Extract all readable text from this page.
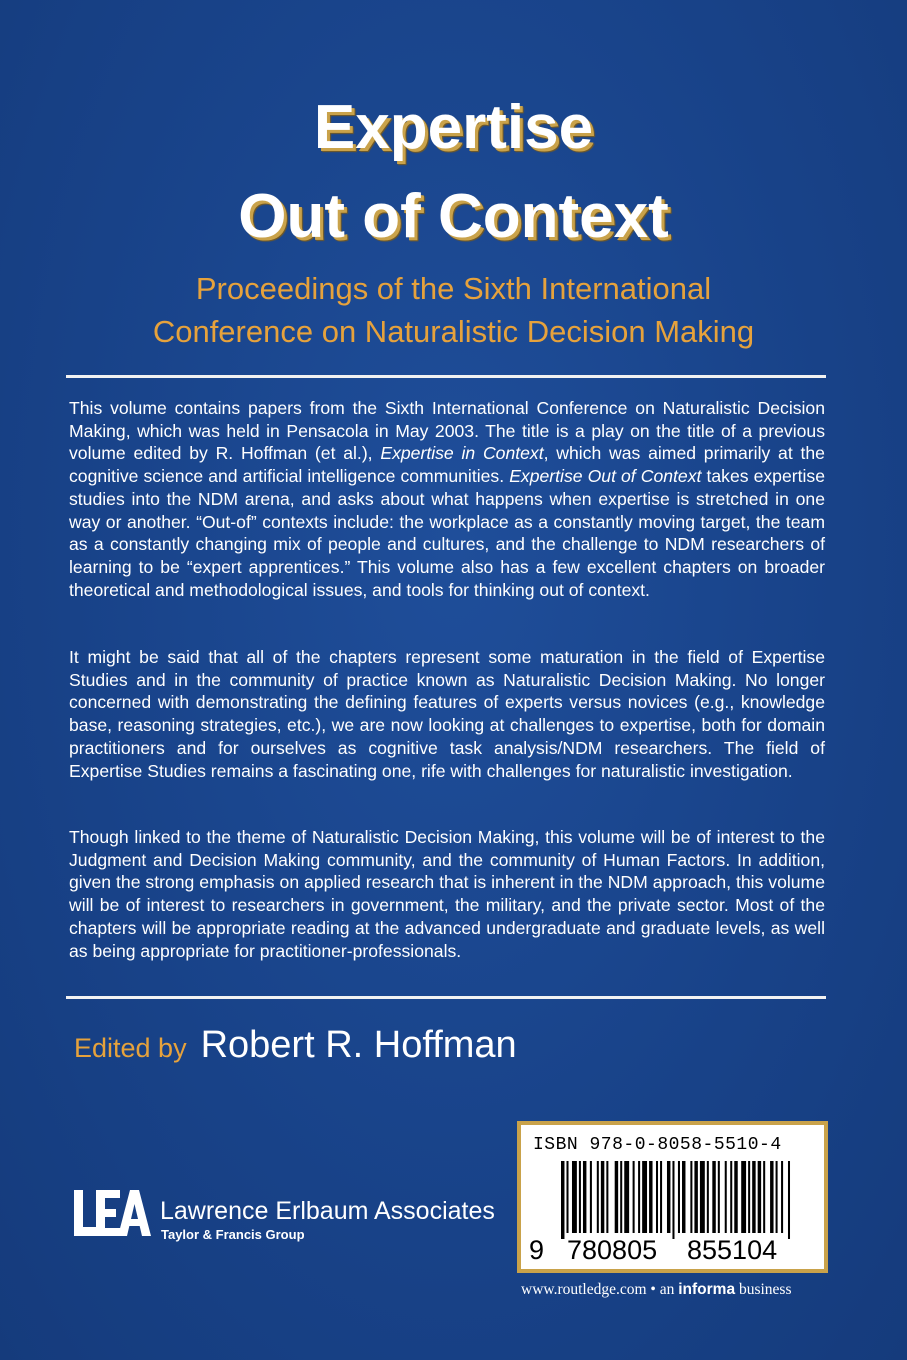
Expertise
Out of Context
Proceedings of the Sixth International
Conference on Naturalistic Decision Making

This volume contains papers from the Sixth International Conference on Naturalistic Decision Making, which was held in Pensacola in May 2003. The title is a play on the title of a previous volume edited by R. Hoffman (et al.), Expertise in Context, which was aimed primarily at the cognitive science and artificial intelligence communities. Expertise Out of Context takes expertise studies into the NDM arena, and asks about what happens when expertise is stretched in one way or another. “Out-of” contexts include: the workplace as a constantly moving target, the team as a constantly changing mix of people and cultures, and the challenge to NDM researchers of learning to be “expert apprentices.” This volume also has a few excellent chapters on broader theoretical and methodological issues, and tools for thinking out of context.

It might be said that all of the chapters represent some maturation in the field of Expertise Studies and in the community of practice known as Naturalistic Decision Making. No longer concerned with demonstrating the defining features of experts versus novices (e.g., knowledge base, reasoning strategies, etc.), we are now looking at challenges to expertise, both for domain practitioners and for ourselves as cognitive task analysis/NDM researchers. The field of Expertise Studies remains a fascinating one, rife with challenges for naturalistic investigation.

Though linked to the theme of Naturalistic Decision Making, this volume will be of interest to the Judgment and Decision Making community, and the community of Human Factors. In addition, given the strong emphasis on applied research that is inherent in the NDM approach, this volume will be of interest to researchers in government, the military, and the private sector. Most of the chapters will be appropriate reading at the advanced undergraduate and graduate levels, as well as being appropriate for practitioner-professionals.

Edited by Robert R. Hoffman
Lawrence Erlbaum Associates
Taylor & Francis Group
ISBN 978-0-8058-5510-4
9 780805 855104
www.routledge.com • an informa business
